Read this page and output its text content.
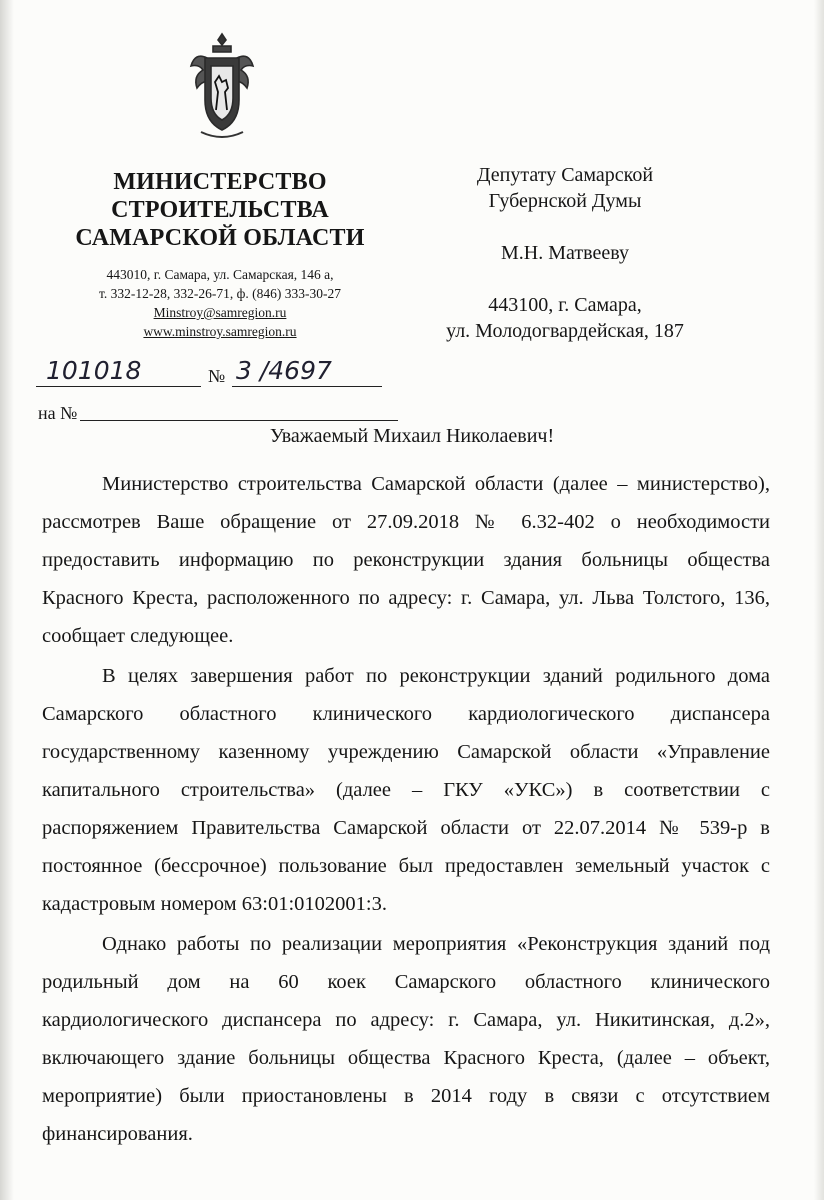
МИНИСТЕРСТВО
СТРОИТЕЛЬСТВА
САМАРСКОЙ ОБЛАСТИ
443010, г. Самара, ул. Самарская, 146 а,
т. 332-12-28, 332-26-71, ф. (846) 333-30-27
Minstroy@samregion.ru
www.minstroy.samregion.ru
Депутату Самарской
Губернской Думы
М.Н. Матвееву
443100, г. Самара,
ул. Молодогвардейская, 187
101018	№ 3 /4697
на №
Уважаемый Михаил Николаевич!

Министерство строительства Самарской области (далее – министерство), рассмотрев Ваше обращение от 27.09.2018 № 6.32-402 о необходимости предоставить информацию по реконструкции здания больницы общества Красного Креста, расположенного по адресу: г. Самара, ул. Льва Толстого, 136, сообщает следующее.

В целях завершения работ по реконструкции зданий родильного дома Самарского областного клинического кардиологического диспансера государственному казенному учреждению Самарской области «Управление капитального строительства» (далее – ГКУ «УКС») в соответствии с распоряжением Правительства Самарской области от 22.07.2014 № 539-р в постоянное (бессрочное) пользование был предоставлен земельный участок с кадастровым номером 63:01:0102001:3.

Однако работы по реализации мероприятия «Реконструкция зданий под родильный дом на 60 коек Самарского областного клинического кардиологического диспансера по адресу: г. Самара, ул. Никитинская, д.2», включающего здание больницы общества Красного Креста, (далее – объект, мероприятие) были приостановлены в 2014 году в связи с отсутствием финансирования.
